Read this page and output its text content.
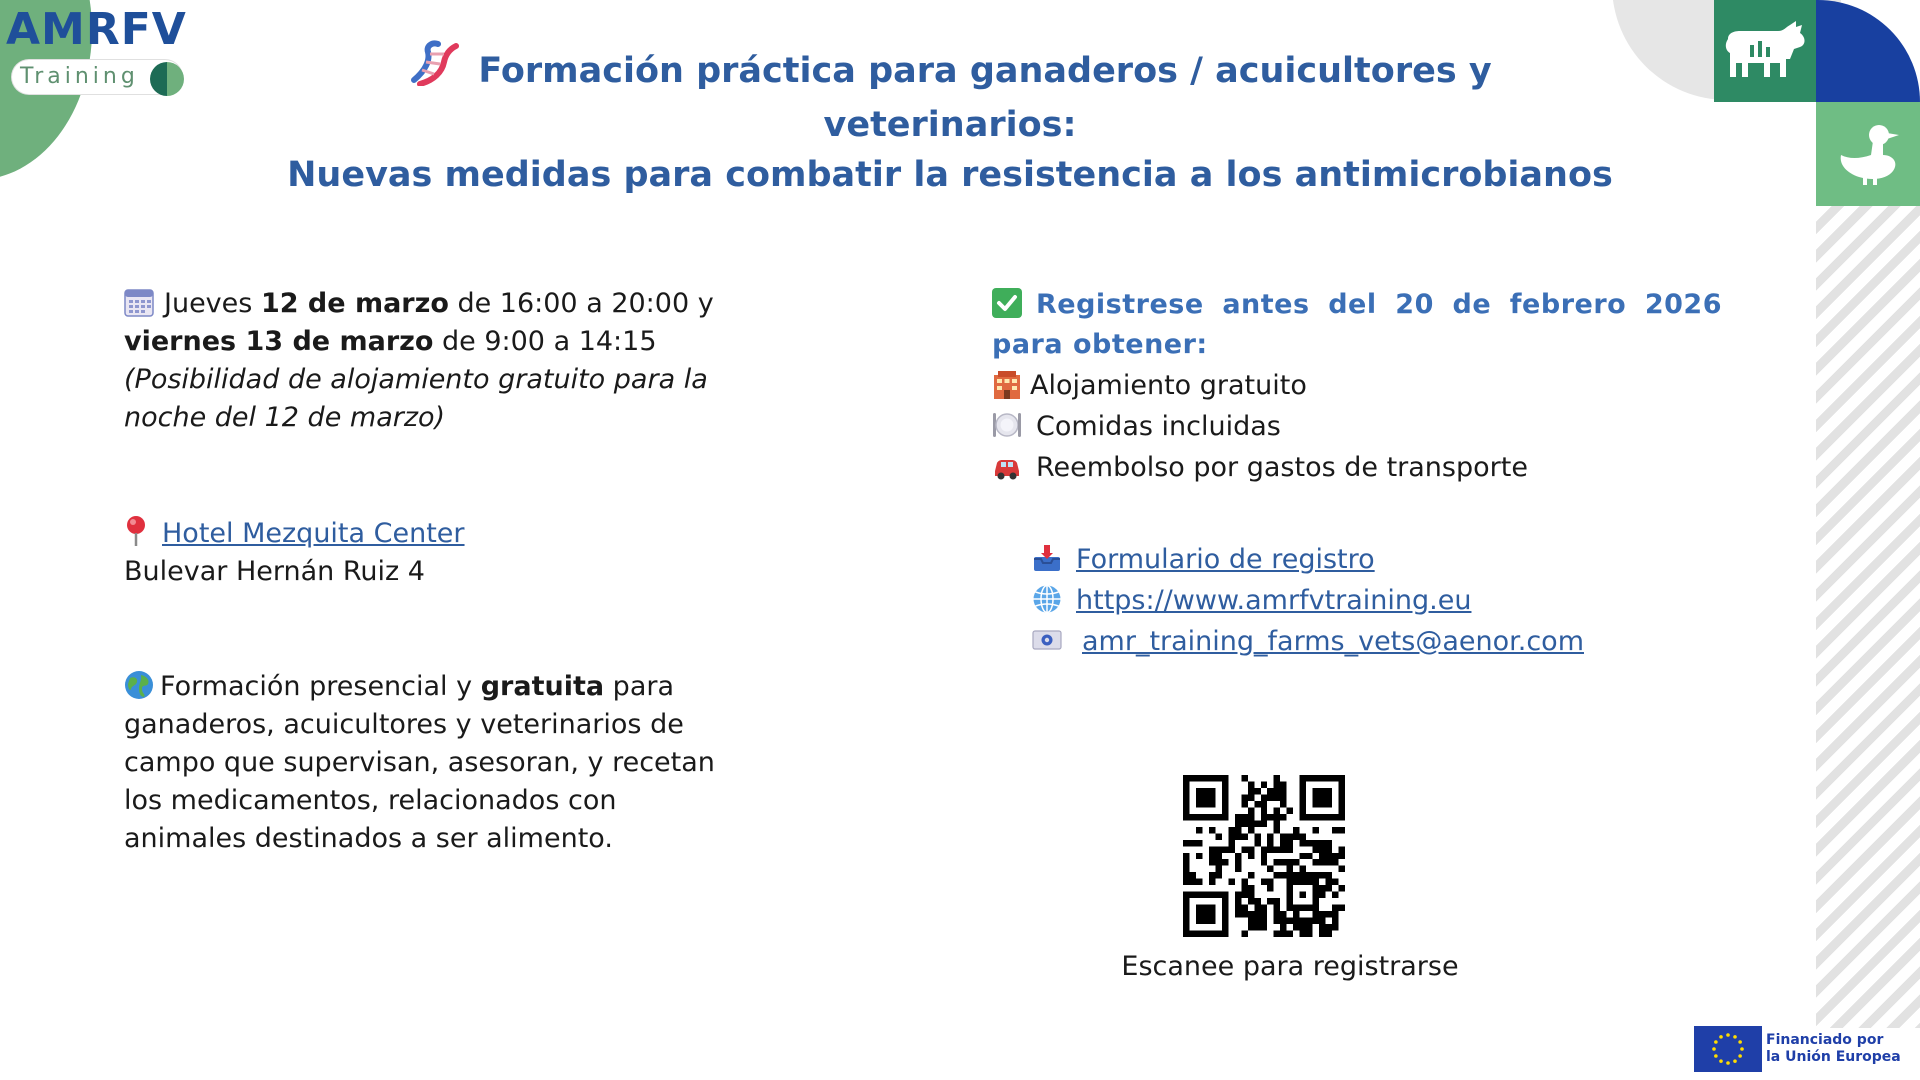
AMRFV
Training	Formación práctica para ganaderos / acuicultores y veterinarios:
Nuevas medidas para combatir la resistencia a los antimicrobianos
Jueves 12 de marzo de 16:00 a 20:00 y
viernes 13 de marzo de 9:00 a 14:15
(Posibilidad de alojamiento gratuito para la noche del 12 de marzo)
Hotel Mezquita Center
Bulevar Hernán Ruiz 4
Formación presencial y gratuita para ganaderos, acuicultores y veterinarios de campo que supervisan, asesoran, y recetan los medicamentos, relacionados con animales destinados a ser alimento.
Registrese antes del 20 de febrero 2026 para obtener:
Alojamiento gratuito
Comidas incluidas
Reembolso por gastos de transporte
Formulario de registro
https://www.amrfvtraining.eu
amr_training_farms_vets@aenor.com
Escanee para registrarse
Financiado por
la Unión Europea
